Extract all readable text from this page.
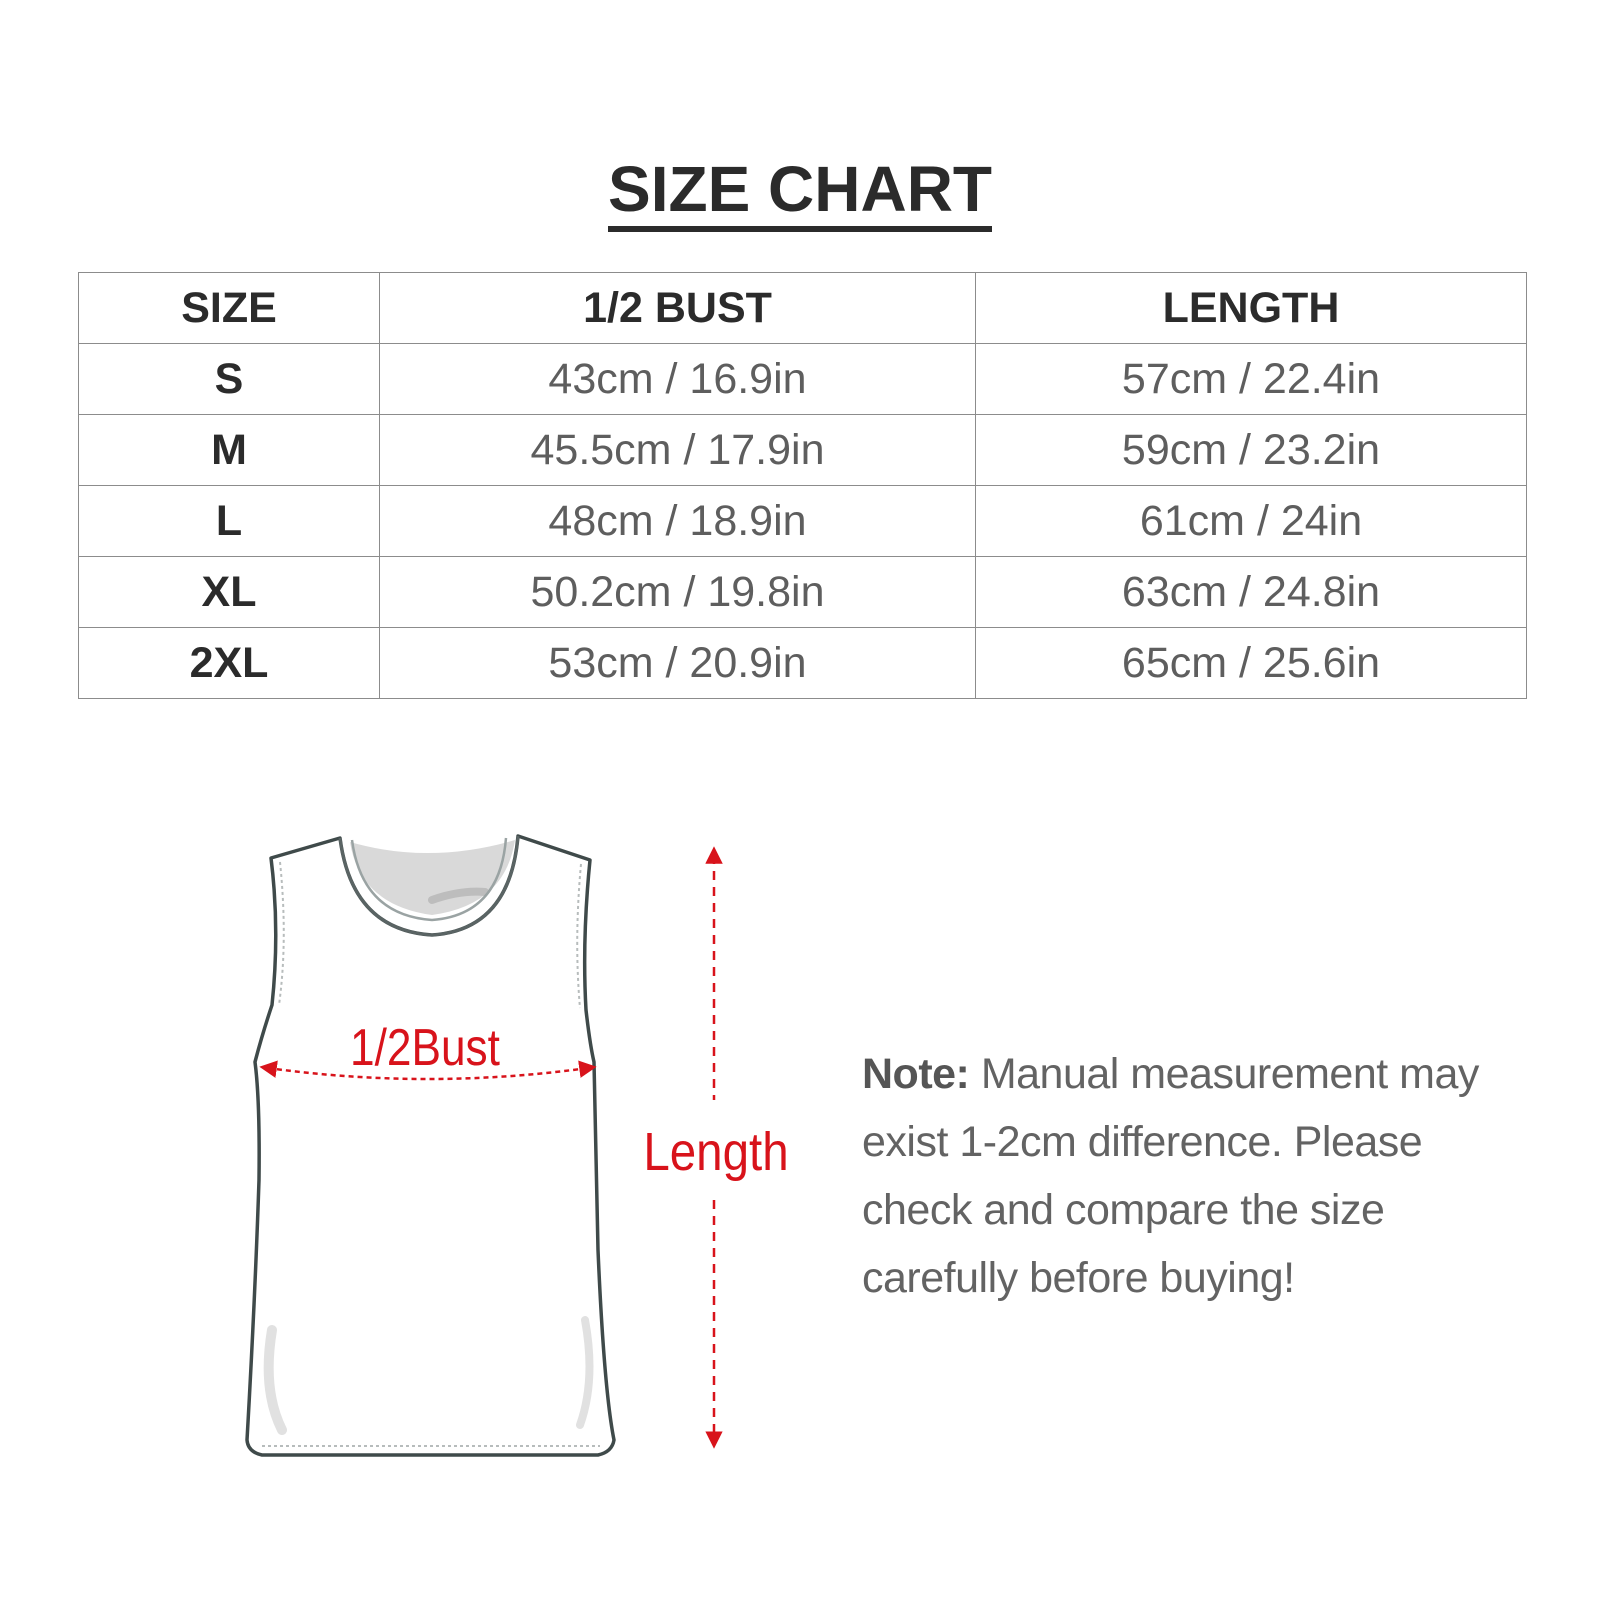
SIZE CHART
SIZE	1/2 BUST	LENGTH
S	43cm / 16.9in	57cm / 22.4in
M	45.5cm / 17.9in	59cm / 23.2in
L	48cm / 18.9in	61cm / 24in
XL	50.2cm / 19.8in	63cm / 24.8in
2XL	53cm / 20.9in	65cm / 25.6in
1/2Bust
Length
Note: Manual measurement may exist 1-2cm difference. Please check and compare the size carefully before buying!
